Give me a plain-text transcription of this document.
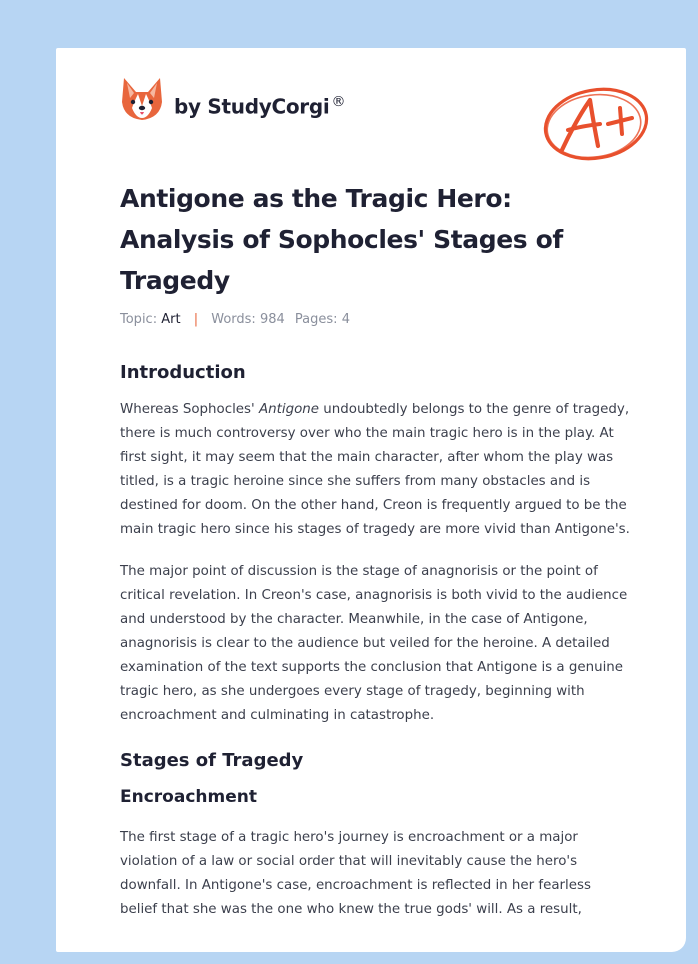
by StudyCorgi ®
A+
Antigone as the Tragic Hero: Analysis of Sophocles' Stages of Tragedy
Topic: Art | Words: 984 Pages: 4
Introduction

Whereas Sophocles' Antigone undoubtedly belongs to the genre of tragedy, there is much controversy over who the main tragic hero is in the play. At first sight, it may seem that the main character, after whom the play was titled, is a tragic heroine since she suffers from many obstacles and is destined for doom. On the other hand, Creon is frequently argued to be the main tragic hero since his stages of tragedy are more vivid than Antigone's.

The major point of discussion is the stage of anagnorisis or the point of critical revelation. In Creon's case, anagnorisis is both vivid to the audience and understood by the character. Meanwhile, in the case of Antigone, anagnorisis is clear to the audience but veiled for the heroine. A detailed examination of the text supports the conclusion that Antigone is a genuine tragic hero, as she undergoes every stage of tragedy, beginning with encroachment and culminating in catastrophe.

Stages of Tragedy
Encroachment

The first stage of a tragic hero's journey is encroachment or a major violation of a law or social order that will inevitably cause the hero's downfall. In Antigone's case, encroachment is reflected in her fearless belief that she was the one who knew the true gods' will. As a result,
